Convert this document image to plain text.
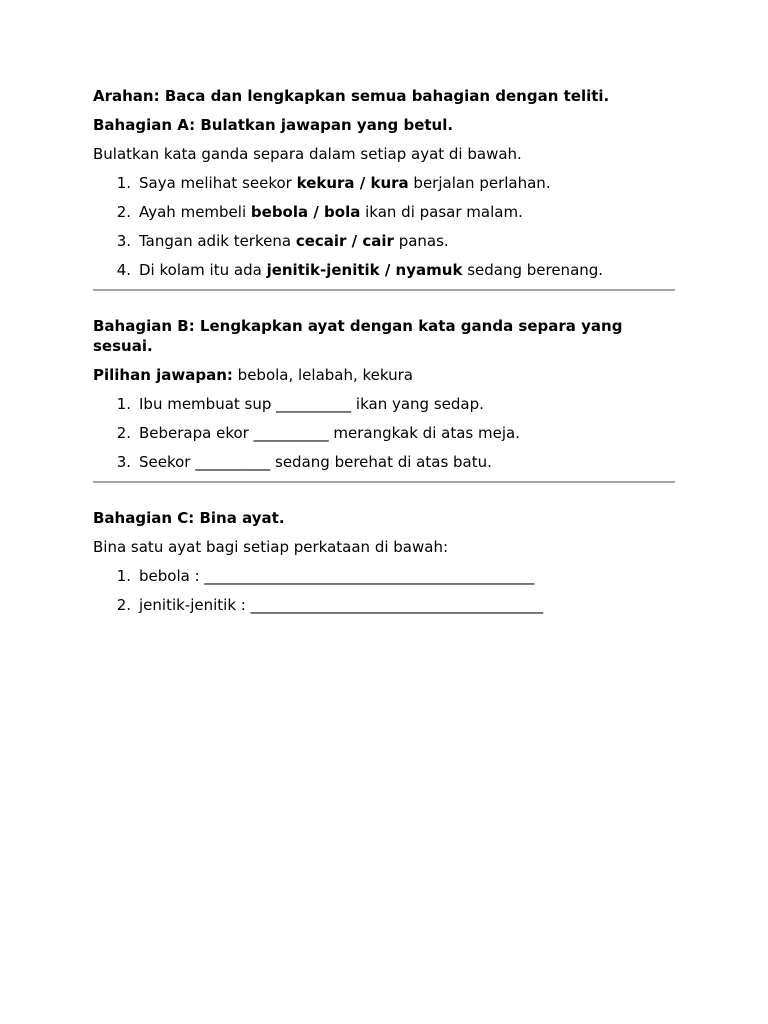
Arahan: Baca dan lengkapkan semua bahagian dengan teliti.

Bahagian A: Bulatkan jawapan yang betul.

Bulatkan kata ganda separa dalam setiap ayat di bawah.

1. Saya melihat seekor kekura / kura berjalan perlahan.
2. Ayah membeli bebola / bola ikan di pasar malam.
3. Tangan adik terkena cecair / cair panas.
4. Di kolam itu ada jenitik-jenitik / nyamuk sedang berenang.

Bahagian B: Lengkapkan ayat dengan kata ganda separa yang sesuai.

Pilihan jawapan: bebola, lelabah, kekura

1. Ibu membuat sup __________ ikan yang sedap.
2. Beberapa ekor __________ merangkak di atas meja.
3. Seekor __________ sedang berehat di atas batu.

Bahagian C: Bina ayat.

Bina satu ayat bagi setiap perkataan di bawah:

1. bebola : ____________________________________________
2. jenitik-jenitik : _______________________________________
